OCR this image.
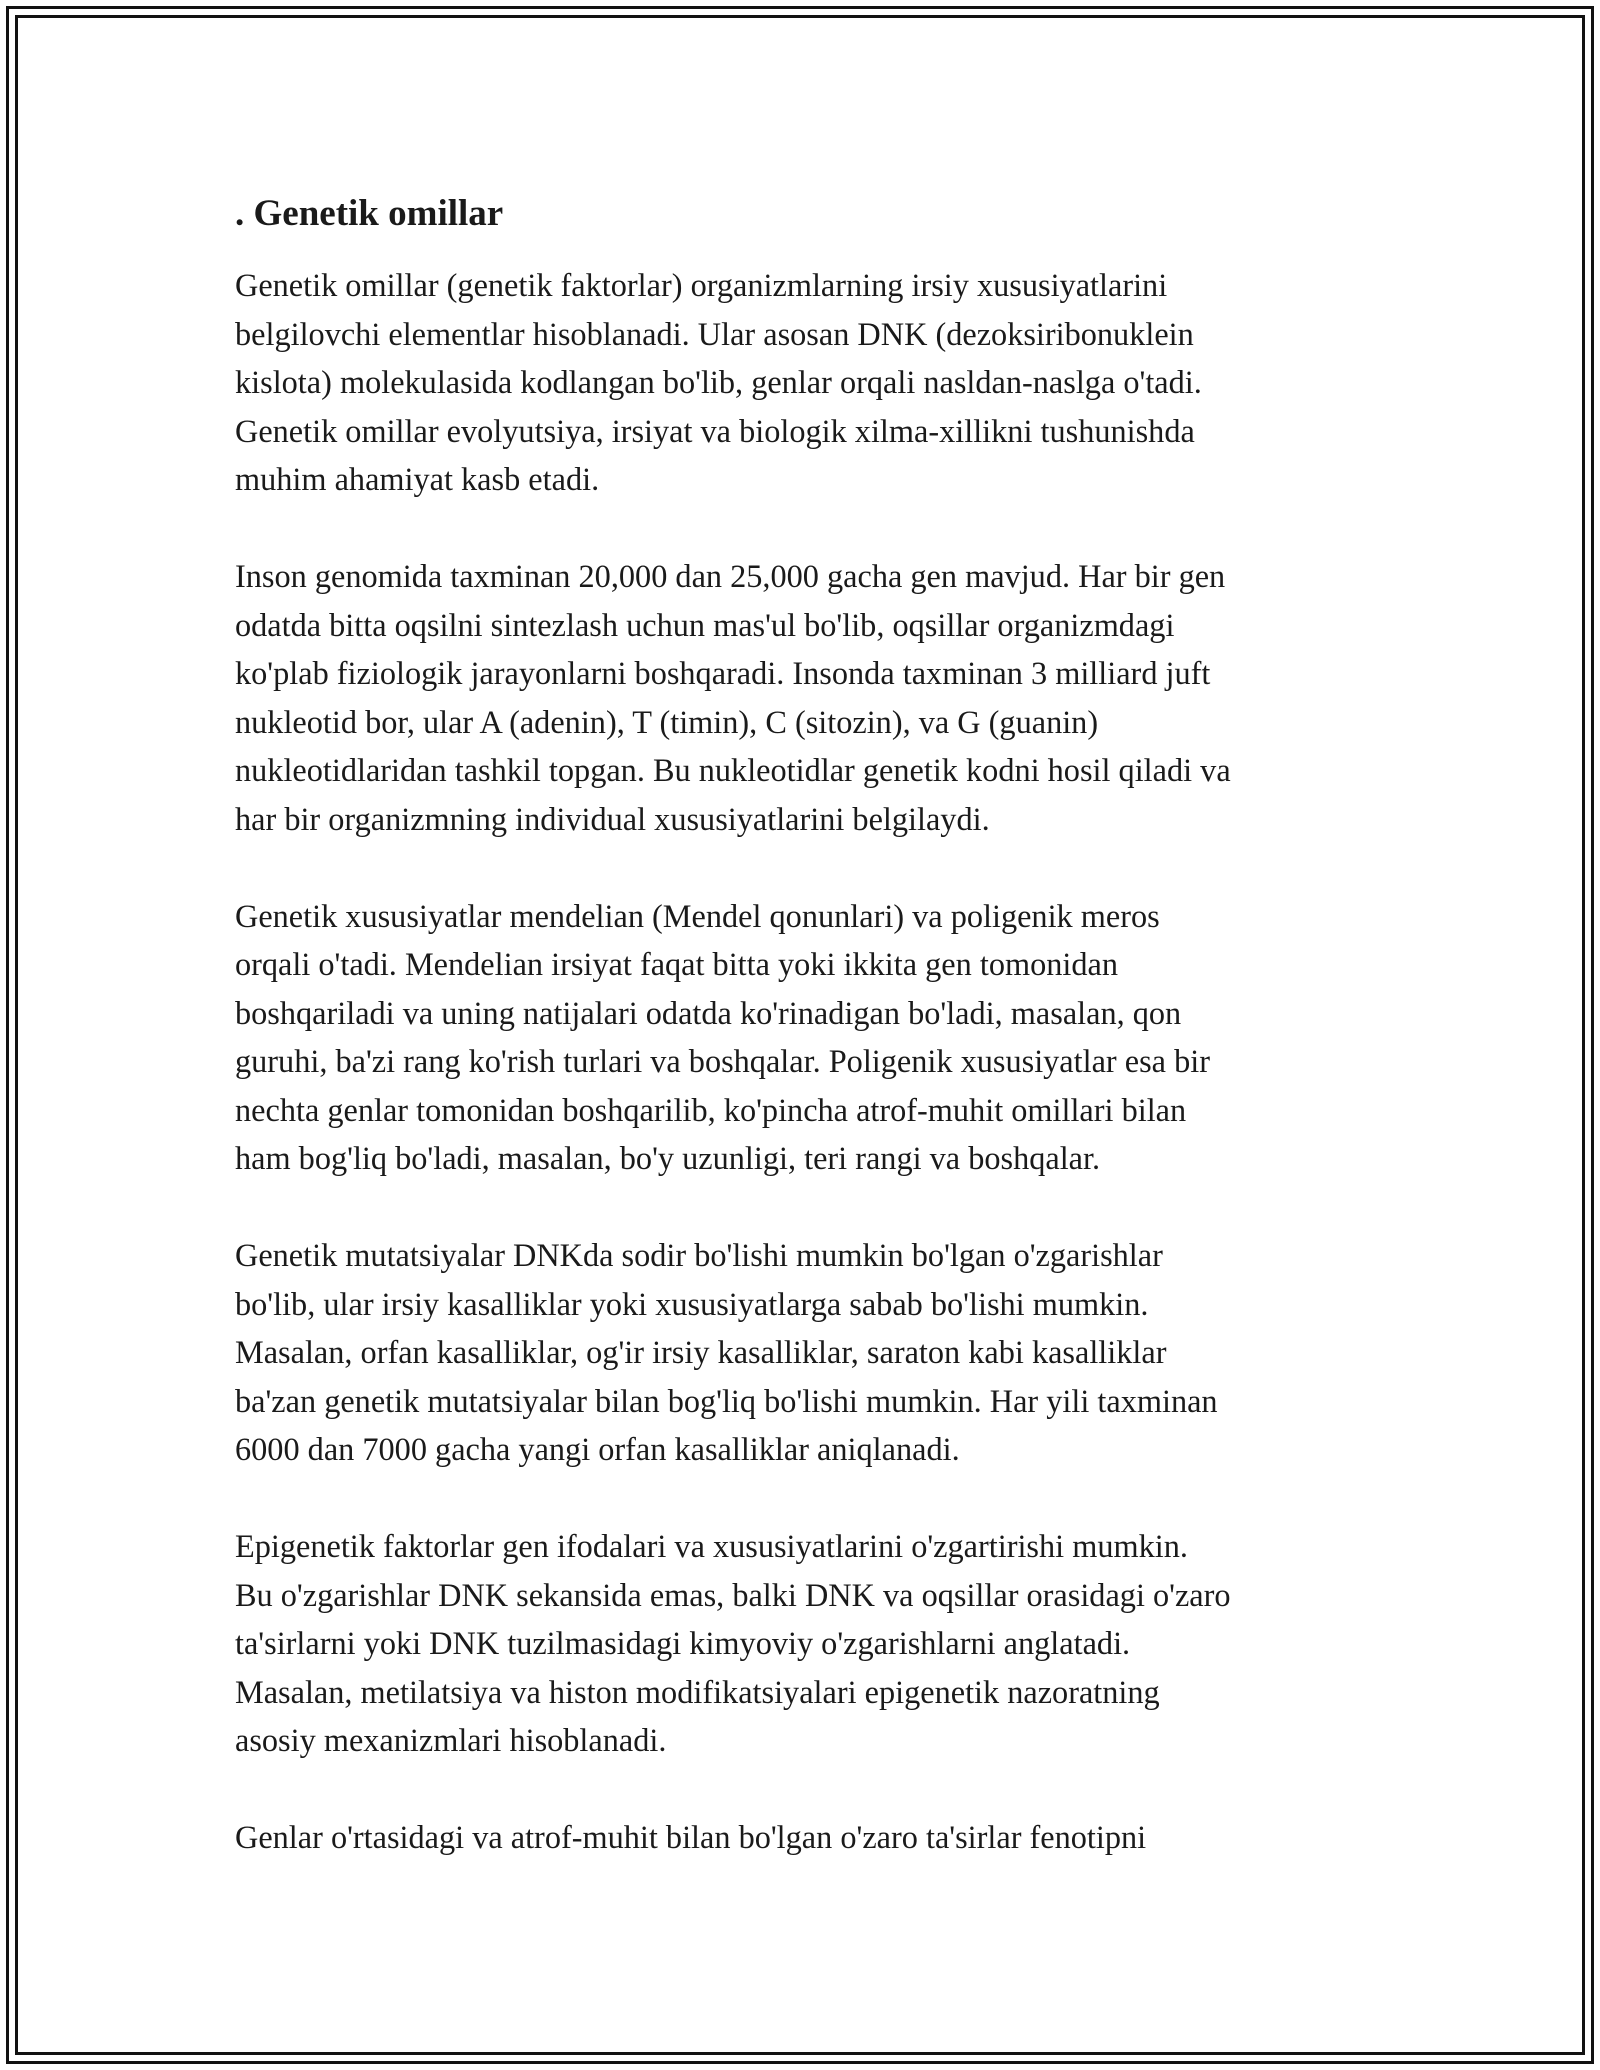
. Genetik omillar

Genetik omillar (genetik faktorlar) organizmlarning irsiy xususiyatlarini
belgilovchi elementlar hisoblanadi. Ular asosan DNK (dezoksiribonuklein
kislota) molekulasida kodlangan bo'lib, genlar orqali nasldan-naslga o'tadi.
Genetik omillar evolyutsiya, irsiyat va biologik xilma-xillikni tushunishda
muhim ahamiyat kasb etadi.

Inson genomida taxminan 20,000 dan 25,000 gacha gen mavjud. Har bir gen
odatda bitta oqsilni sintezlash uchun mas'ul bo'lib, oqsillar organizmdagi
ko'plab fiziologik jarayonlarni boshqaradi. Insonda taxminan 3 milliard juft
nukleotid bor, ular A (adenin), T (timin), C (sitozin), va G (guanin)
nukleotidlaridan tashkil topgan. Bu nukleotidlar genetik kodni hosil qiladi va
har bir organizmning individual xususiyatlarini belgilaydi.

Genetik xususiyatlar mendelian (Mendel qonunlari) va poligenik meros
orqali o'tadi. Mendelian irsiyat faqat bitta yoki ikkita gen tomonidan
boshqariladi va uning natijalari odatda ko'rinadigan bo'ladi, masalan, qon
guruhi, ba'zi rang ko'rish turlari va boshqalar. Poligenik xususiyatlar esa bir
nechta genlar tomonidan boshqarilib, ko'pincha atrof-muhit omillari bilan
ham bog'liq bo'ladi, masalan, bo'y uzunligi, teri rangi va boshqalar.

Genetik mutatsiyalar DNKda sodir bo'lishi mumkin bo'lgan o'zgarishlar
bo'lib, ular irsiy kasalliklar yoki xususiyatlarga sabab bo'lishi mumkin.
Masalan, orfan kasalliklar, og'ir irsiy kasalliklar, saraton kabi kasalliklar
ba'zan genetik mutatsiyalar bilan bog'liq bo'lishi mumkin. Har yili taxminan
6000 dan 7000 gacha yangi orfan kasalliklar aniqlanadi.

Epigenetik faktorlar gen ifodalari va xususiyatlarini o'zgartirishi mumkin.
Bu o'zgarishlar DNK sekansida emas, balki DNK va oqsillar orasidagi o'zaro
ta'sirlarni yoki DNK tuzilmasidagi kimyoviy o'zgarishlarni anglatadi.
Masalan, metilatsiya va histon modifikatsiyalari epigenetik nazoratning
asosiy mexanizmlari hisoblanadi.

Genlar o'rtasidagi va atrof-muhit bilan bo'lgan o'zaro ta'sirlar fenotipni
